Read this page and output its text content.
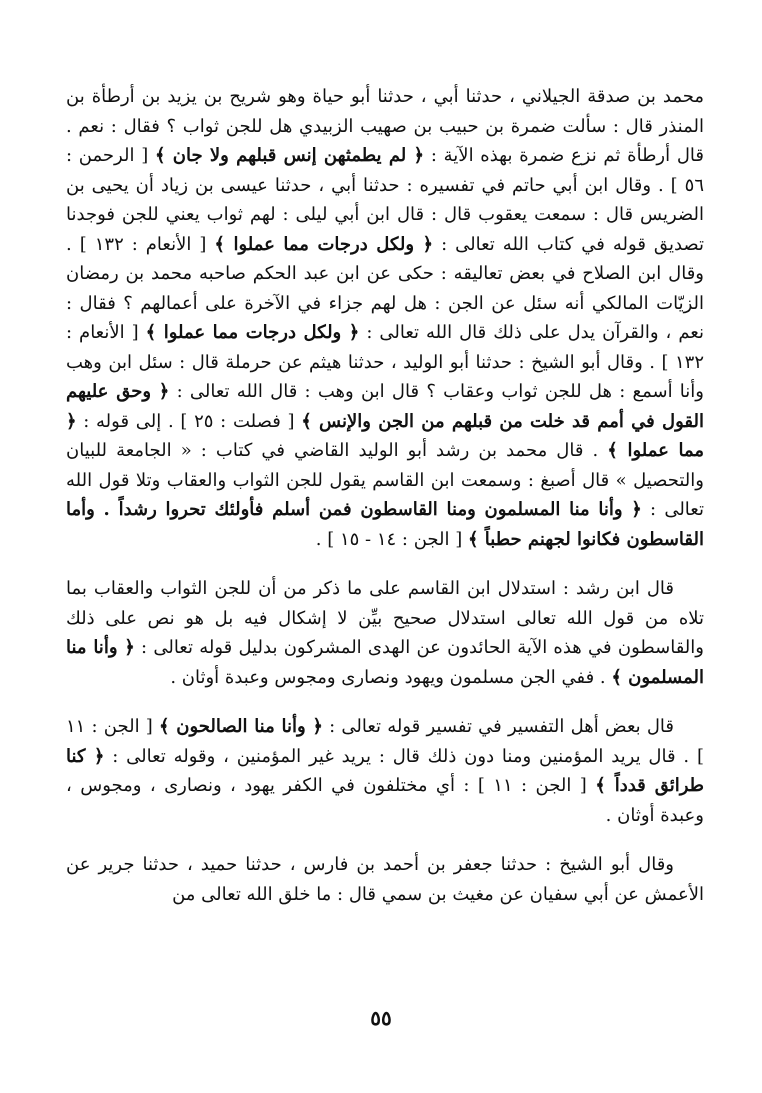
محمد بن صدقة الجيلاني ، حدثنا أبي ، حدثنا أبو حياة وهو شريح بن يزيد بن أرطأة بن المنذر قال : سألت ضمرة بن حبيب بن صهيب الزبيدي هل للجن ثواب ؟ فقال : نعم . قال أرطأة ثم نزع ضمرة بهذه الآية : ﴿ لم يطمثهن إنس قبلهم ولا جان ﴾ [ الرحمن : ٥٦ ] . وقال ابن أبي حاتم في تفسيره : حدثنا أبي ، حدثنا عيسى بن زياد أن يحيى بن الضريس قال : سمعت يعقوب قال : قال ابن أبي ليلى : لهم ثواب يعني للجن فوجدنا تصديق قوله في كتاب الله تعالى : ﴿ ولكل درجات مما عملوا ﴾ [ الأنعام : ١٣٢ ] . وقال ابن الصلاح في بعض تعاليقه : حكى عن ابن عبد الحكم صاحبه محمد بن رمضان الزيّات المالكي أنه سئل عن الجن : هل لهم جزاء في الآخرة على أعمالهم ؟ فقال : نعم ، والقرآن يدل على ذلك قال الله تعالى : ﴿ ولكل درجات مما عملوا ﴾ [ الأنعام : ١٣٢ ] . وقال أبو الشيخ : حدثنا أبو الوليد ، حدثنا هيثم عن حرملة قال : سئل ابن وهب وأنا أسمع : هل للجن ثواب وعقاب ؟ قال ابن وهب : قال الله تعالى : ﴿ وحق عليهم القول في أمم قد خلت من قبلهم من الجن والإنس ﴾ [ فصلت : ٢٥ ] . إلى قوله : ﴿ مما عملوا ﴾ . قال محمد بن رشد أبو الوليد القاضي في كتاب : « الجامعة للبيان والتحصيل » قال أصبغ : وسمعت ابن القاسم يقول للجن الثواب والعقاب وتلا قول الله تعالى : ﴿ وأنا منا المسلمون ومنا القاسطون فمن أسلم فأولئك تحروا رشداً . وأما القاسطون فكانوا لجهنم حطباً ﴾ [ الجن : ١٤ - ١٥ ] .

قال ابن رشد : استدلال ابن القاسم على ما ذكر من أن للجن الثواب والعقاب بما تلاه من قول الله تعالى استدلال صحيح بيِّن لا إشكال فيه بل هو نص على ذلك والقاسطون في هذه الآية الحائدون عن الهدى المشركون بدليل قوله تعالى : ﴿ وأنا منا المسلمون ﴾ . ففي الجن مسلمون ويهود ونصارى ومجوس وعبدة أوثان .

قال بعض أهل التفسير في تفسير قوله تعالى : ﴿ وأنا منا الصالحون ﴾ [ الجن : ١١ ] . قال يريد المؤمنين ومنا دون ذلك قال : يريد غير المؤمنين ، وقوله تعالى : ﴿ كنا طرائق قدداً ﴾ [ الجن : ١١ ] : أي مختلفون في الكفر يهود ، ونصارى ، ومجوس ، وعبدة أوثان .

وقال أبو الشيخ : حدثنا جعفر بن أحمد بن فارس ، حدثنا حميد ، حدثنا جرير عن الأعمش عن أبي سفيان عن مغيث بن سمي قال : ما خلق الله تعالى من

٥٥
